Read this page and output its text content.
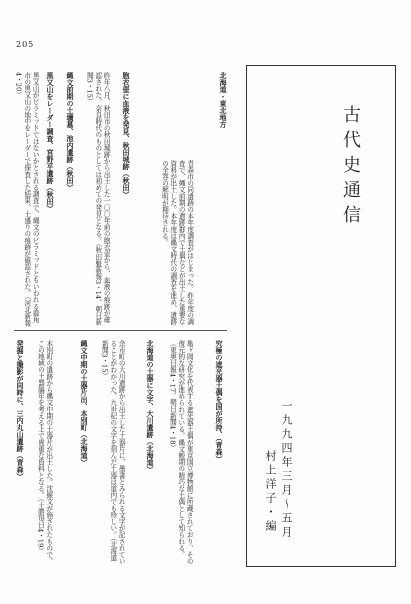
205
古代史通信
一九九四年三月〜五月
村上洋子・編
北海道・東北地方
青森市の同遺跡の本年度調査がはじまった。昨年度の調査で、縄文前期の遺跡群内で土偶などが出土した重要な資料が出土した。本年度は縄文時代の調査を進め、遺跡の全容の解明が期待される。
胞衣壺に血液を発見、秋田城跡（秋田）
昨年八月、秋田市の秋田城跡から出土した一〇〇年前の胞衣壺から、血液の痕跡が確認された。奈良時代のものとしては初めての発見となる。（秋田魁新報3・14、朝日新聞3・15）
縄文前期の土壙墓、池内遺跡（秋田）
黒又山をレーダー調査、宮野平遺跡（秋田）
黒又山がピラミッドではないかとされる調査で、縄文のピラミッドともいわれる鹿角市の黒又山の地中をレーダーで探査した結果、土盛りの痕跡が確認された。（河北新報4・20）
究極の遮光器土偶を国が所持、（青森）
亀ヶ岡文化を代表する遮光器土偶が東京国立博物館に所蔵されており、その復元的な研究が進められている。縄文晩期の精巧な土偶として知られる。（東奥日報4・17、朝日新聞4・18）
北海道の土器に文字、大川遺跡（北海道）
余市町の大川遺跡から出土した土器片に、墨書とみられる文字が記されていることがわかった。九世紀の文字を刻んだ土器は道内でも珍しい。（北海道新聞3・15）
縄文中期の土器片出、本別町（北海道）
本別町の遺跡から縄文中期の土器片が出土した。沈線文が施されたもので、この地域の土器編年を考える上で貴重な資料となる。（十勝毎日4・19）
発掘と撮影が同時に、三内丸山遺跡（青森）
